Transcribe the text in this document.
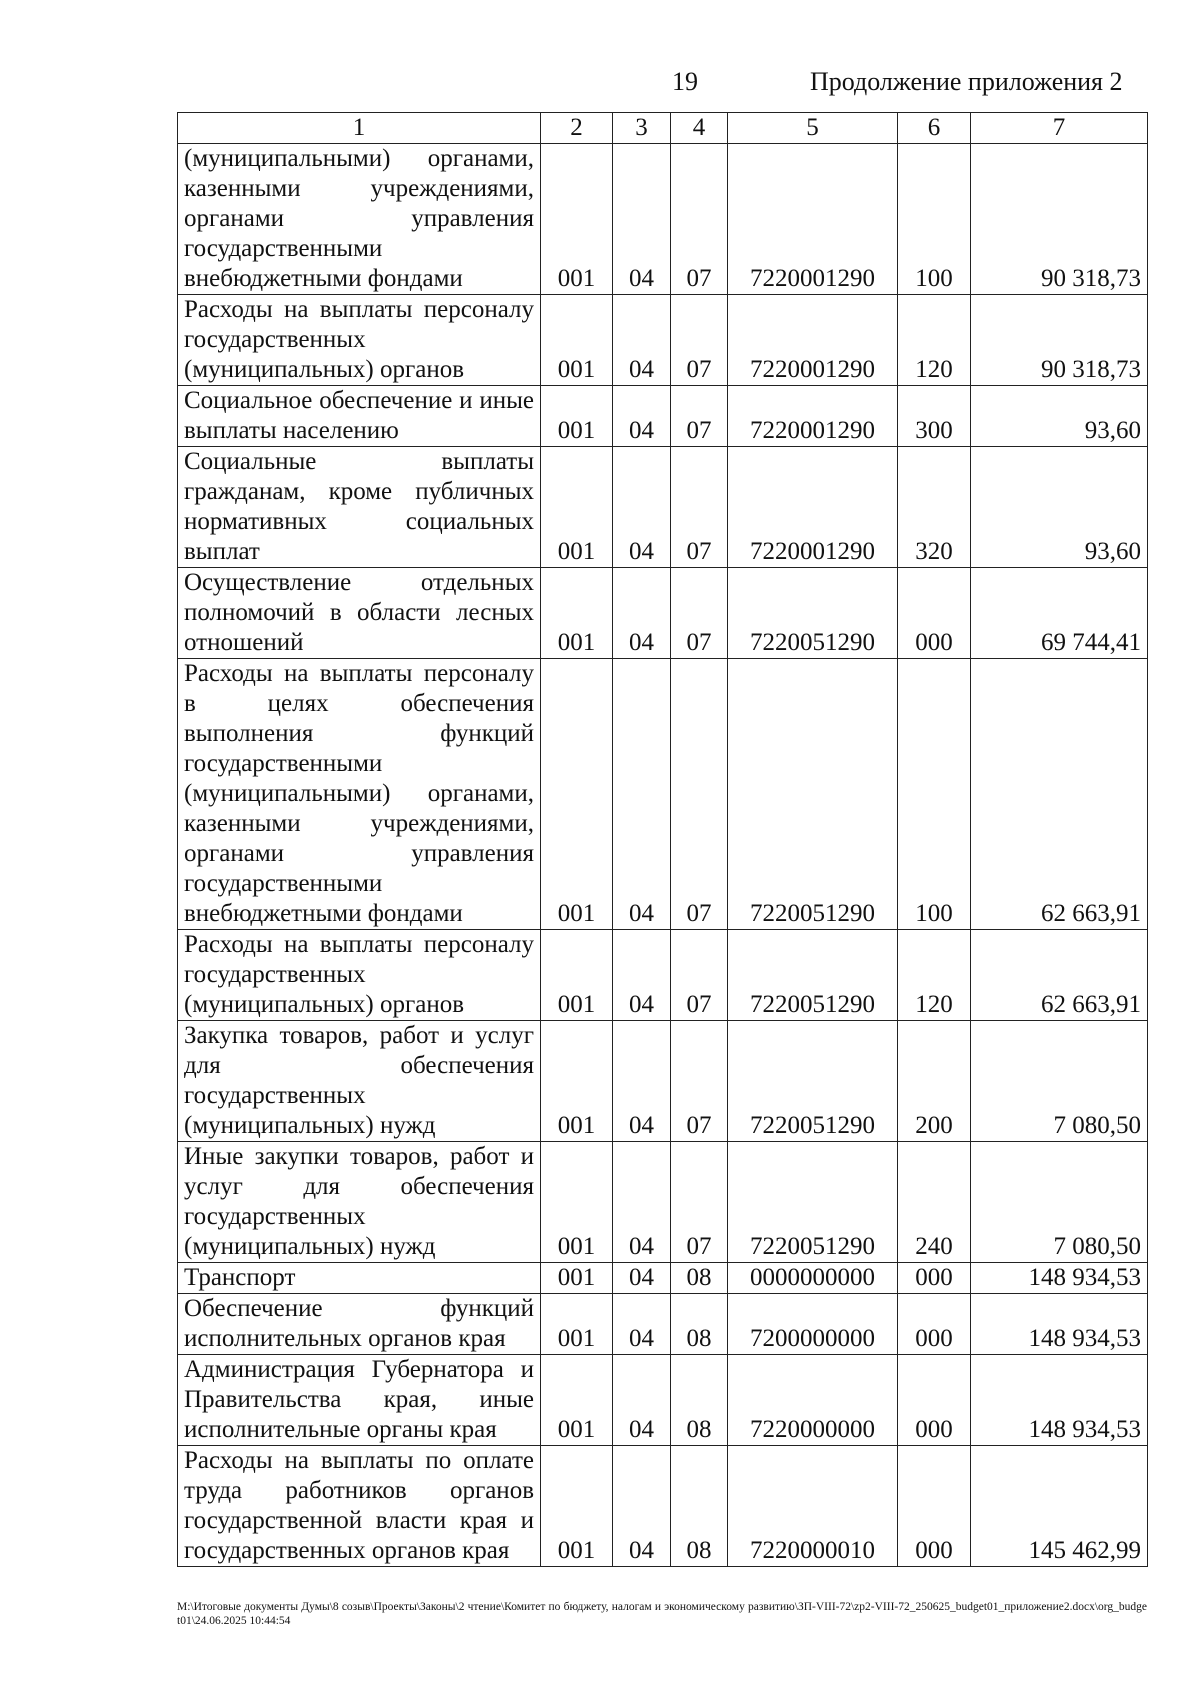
19	Продолжение приложения 2
1	2	3	4	5	6	7
(муниципальными) органами, казенными учреждениями, органами управления государственными внебюджетными фондами	001	04	07	7220001290	100	90 318,73
Расходы на выплаты персоналу государственных (муниципальных) органов	001	04	07	7220001290	120	90 318,73
Социальное обеспечение и иные выплаты населению	001	04	07	7220001290	300	93,60
Социальные выплаты гражданам, кроме публичных нормативных социальных выплат	001	04	07	7220001290	320	93,60
Осуществление отдельных полномочий в области лесных отношений	001	04	07	7220051290	000	69 744,41
Расходы на выплаты персоналу в целях обеспечения выполнения функций государственными (муниципальными) органами, казенными учреждениями, органами управления государственными внебюджетными фондами	001	04	07	7220051290	100	62 663,91
Расходы на выплаты персоналу государственных (муниципальных) органов	001	04	07	7220051290	120	62 663,91
Закупка товаров, работ и услуг для обеспечения государственных (муниципальных) нужд	001	04	07	7220051290	200	7 080,50
Иные закупки товаров, работ и услуг для обеспечения государственных (муниципальных) нужд	001	04	07	7220051290	240	7 080,50
Транспорт	001	04	08	0000000000	000	148 934,53
Обеспечение функций исполнительных органов края	001	04	08	7200000000	000	148 934,53
Администрация Губернатора и Правительства края, иные исполнительные органы края	001	04	08	7220000000	000	148 934,53
Расходы на выплаты по оплате труда работников органов государственной власти края и государственных органов края	001	04	08	7220000010	000	145 462,99
M:\Итоговые документы Думы\8 созыв\Проекты\Законы\2 чтение\Комитет по бюджету, налогам и экономическому развитию\ЗП-VIII-72\zp2-VIII-72_250625_budget01_приложение2.docx\org_budget01\24.06.2025 10:44:54
